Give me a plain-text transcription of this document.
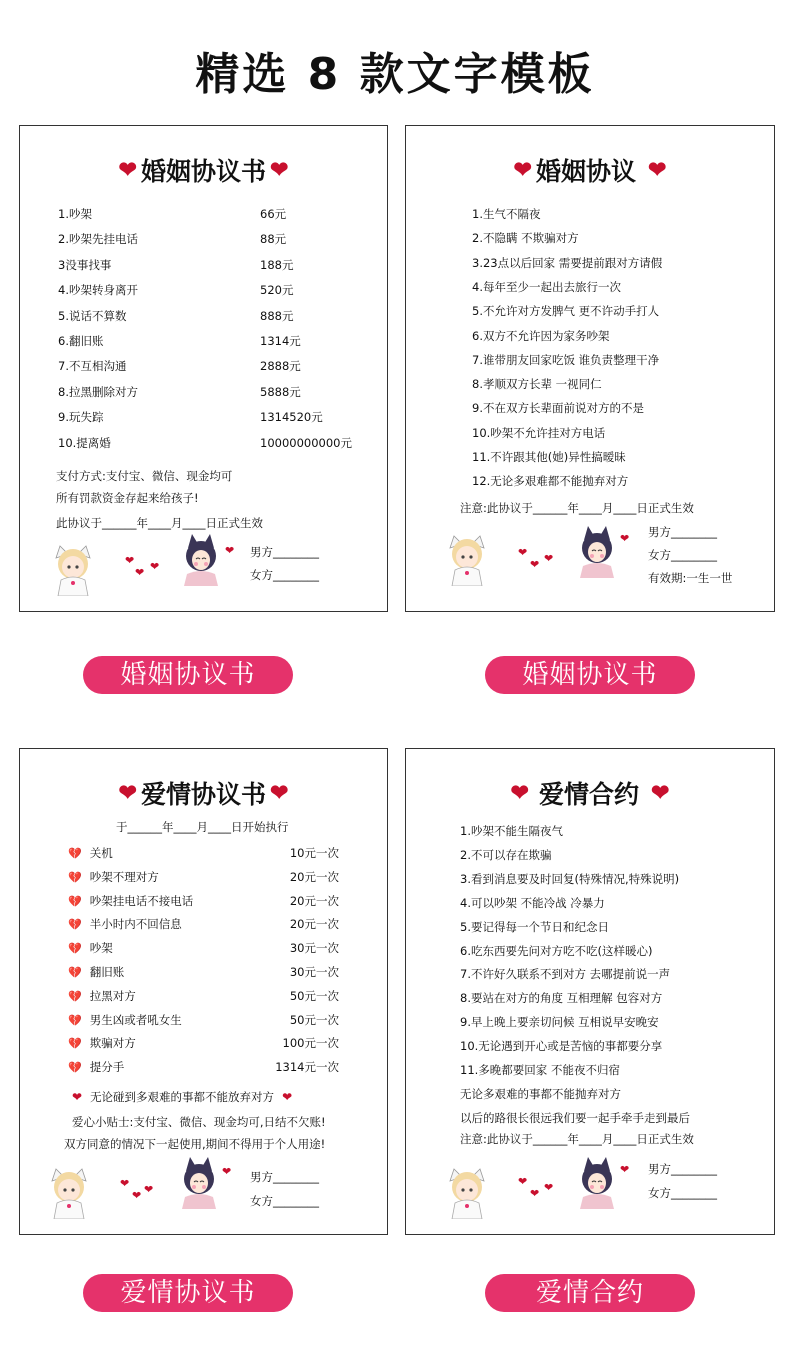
精选 8 款文字模板
❤ 婚姻协议书 ❤
1.吵架	66元
2.吵架先挂电话	88元
3没事找事	188元
4.吵架转身离开	520元
5.说话不算数	888元
6.翻旧账	1314元
7.不互相沟通	2888元
8.拉黑删除对方	5888元
9.玩失踪	1314520元
10.提离婚	10000000000元
支付方式:支付宝、微信、现金均可
所有罚款资金存起来给孩子!
此协议于______年____月____日正式生效
❤
❤ ❤
❤ 男方________
女方________
❤ 婚姻协议 ❤
1.生气不隔夜
2.不隐瞒 不欺骗对方
3.23点以后回家 需要提前跟对方请假
4.每年至少一起出去旅行一次
5.不允许对方发脾气 更不许动手打人
6.双方不允许因为家务吵架
7.谁带朋友回家吃饭 谁负责整理干净
8.孝顺双方长辈 一视同仁
9.不在双方长辈面前说对方的不是
10.吵架不允许挂对方电话
11.不许跟其他(她)异性搞暧昧
12.无论多艰难都不能抛弃对方
注意:此协议于______年____月____日正式生效
❤
❤ ❤
❤ 男方________
女方________
有效期:一生一世
❤ 爱情协议书 ❤
于______年____月____日开始执行
💔 关机	10元一次
💔 吵架不理对方	20元一次
💔 吵架挂电话不接电话	20元一次
💔 半小时内不回信息	20元一次
💔 吵架	30元一次
💔 翻旧账	30元一次
💔 拉黑对方	50元一次
💔 男生凶或者吼女生	50元一次
💔 欺骗对方	100元一次
💔 提分手	1314元一次
❤ 无论碰到多艰难的事都不能放弃对方 ❤
爱心小贴士:支付宝、微信、现金均可,日结不欠账!
双方同意的情况下一起使用,期间不得用于个人用途!
❤
❤ ❤
❤ 男方________
女方________
❤ 爱情合约 ❤
1.吵架不能生隔夜气
2.不可以存在欺骗
3.看到消息要及时回复(特殊情况,特殊说明)
4.可以吵架 不能冷战 冷暴力
5.要记得每一个节日和纪念日
6.吃东西要先问对方吃不吃(这样暖心)
7.不许好久联系不到对方 去哪提前说一声
8.要站在对方的角度 互相理解 包容对方
9.早上晚上要亲切问候 互相说早安晚安
10.无论遇到开心或是苦恼的事都要分享
11.多晚都要回家 不能夜不归宿
无论多艰难的事都不能抛弃对方
以后的路很长很远我们要一起手牵手走到最后
注意:此协议于______年____月____日正式生效
❤
❤ ❤
❤ 男方________
女方________
婚姻协议书	婚姻协议书
爱情协议书	爱情合约
